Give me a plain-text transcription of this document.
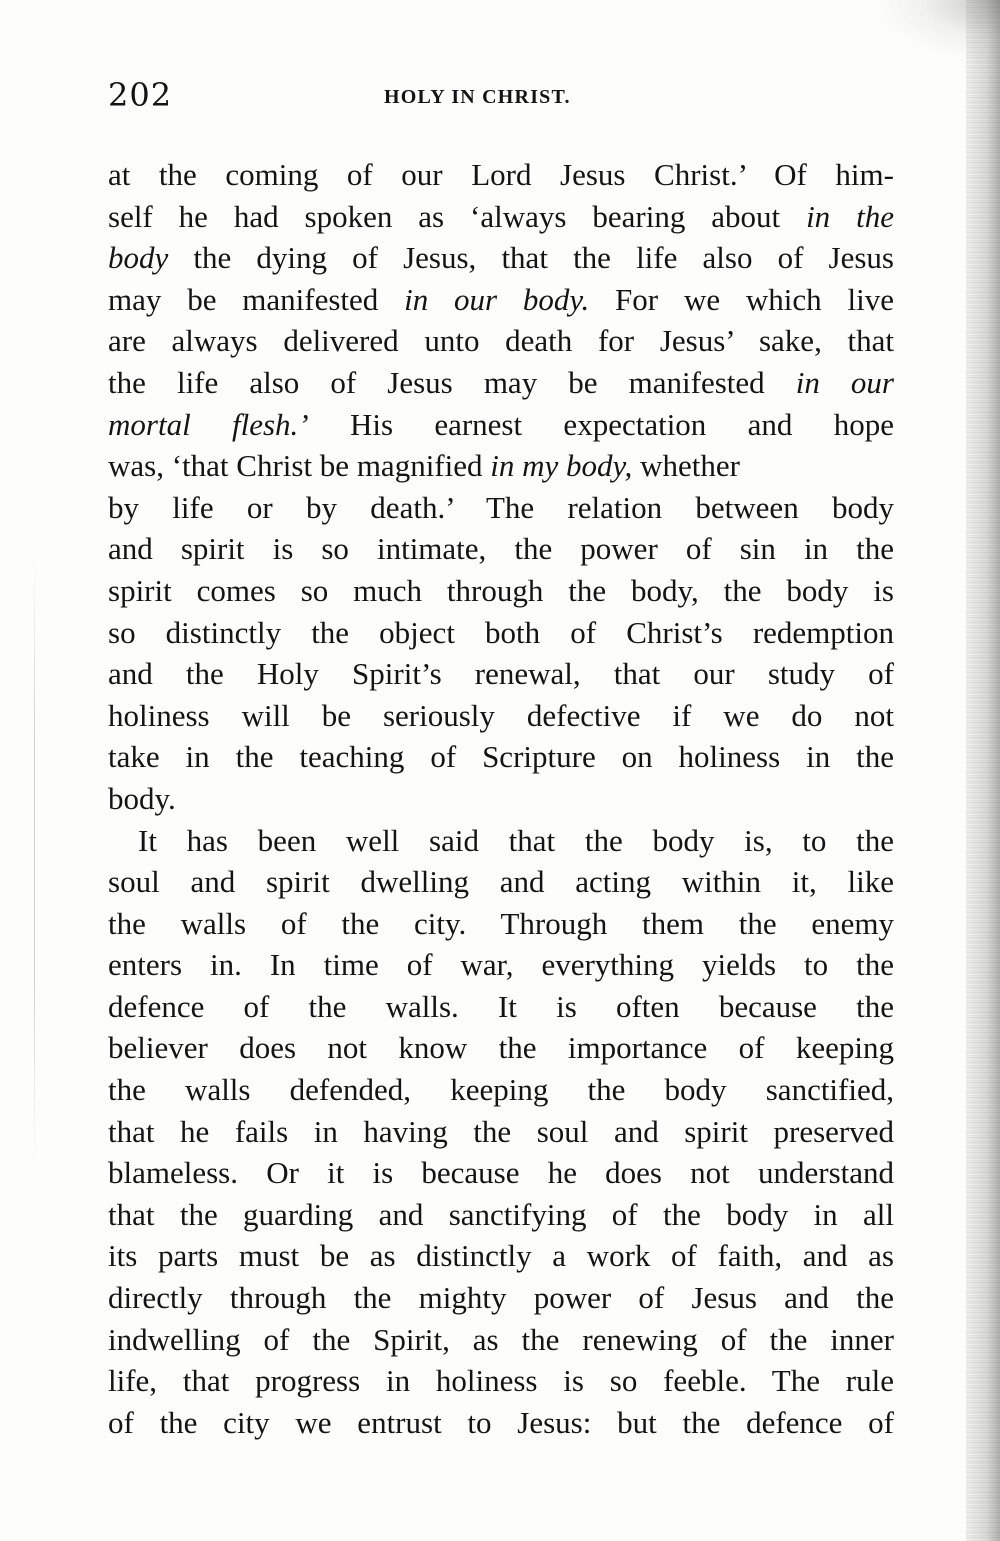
202	HOLY IN CHRIST.
at the coming of our Lord Jesus Christ.’ Of him-
self he had spoken as ‘always bearing about in the
body the dying of Jesus, that the life also of Jesus
may be manifested in our body. For we which live
are always delivered unto death for Jesus’ sake, that
the life also of Jesus may be manifested in our
mortal flesh.’ His earnest expectation and hope
was, ‘that Christ be magnified in my body, whether
by life or by death.’ The relation between body
and spirit is so intimate, the power of sin in the
spirit comes so much through the body, the body is
so distinctly the object both of Christ’s redemption
and the Holy Spirit’s renewal, that our study of
holiness will be seriously defective if we do not
take in the teaching of Scripture on holiness in the
body.
It has been well said that the body is, to the
soul and spirit dwelling and acting within it, like
the walls of the city. Through them the enemy
enters in. In time of war, everything yields to the
defence of the walls. It is often because the
believer does not know the importance of keeping
the walls defended, keeping the body sanctified,
that he fails in having the soul and spirit preserved
blameless. Or it is because he does not understand
that the guarding and sanctifying of the body in all
its parts must be as distinctly a work of faith, and as
directly through the mighty power of Jesus and the
indwelling of the Spirit, as the renewing of the inner
life, that progress in holiness is so feeble. The rule
of the city we entrust to Jesus: but the defence of
